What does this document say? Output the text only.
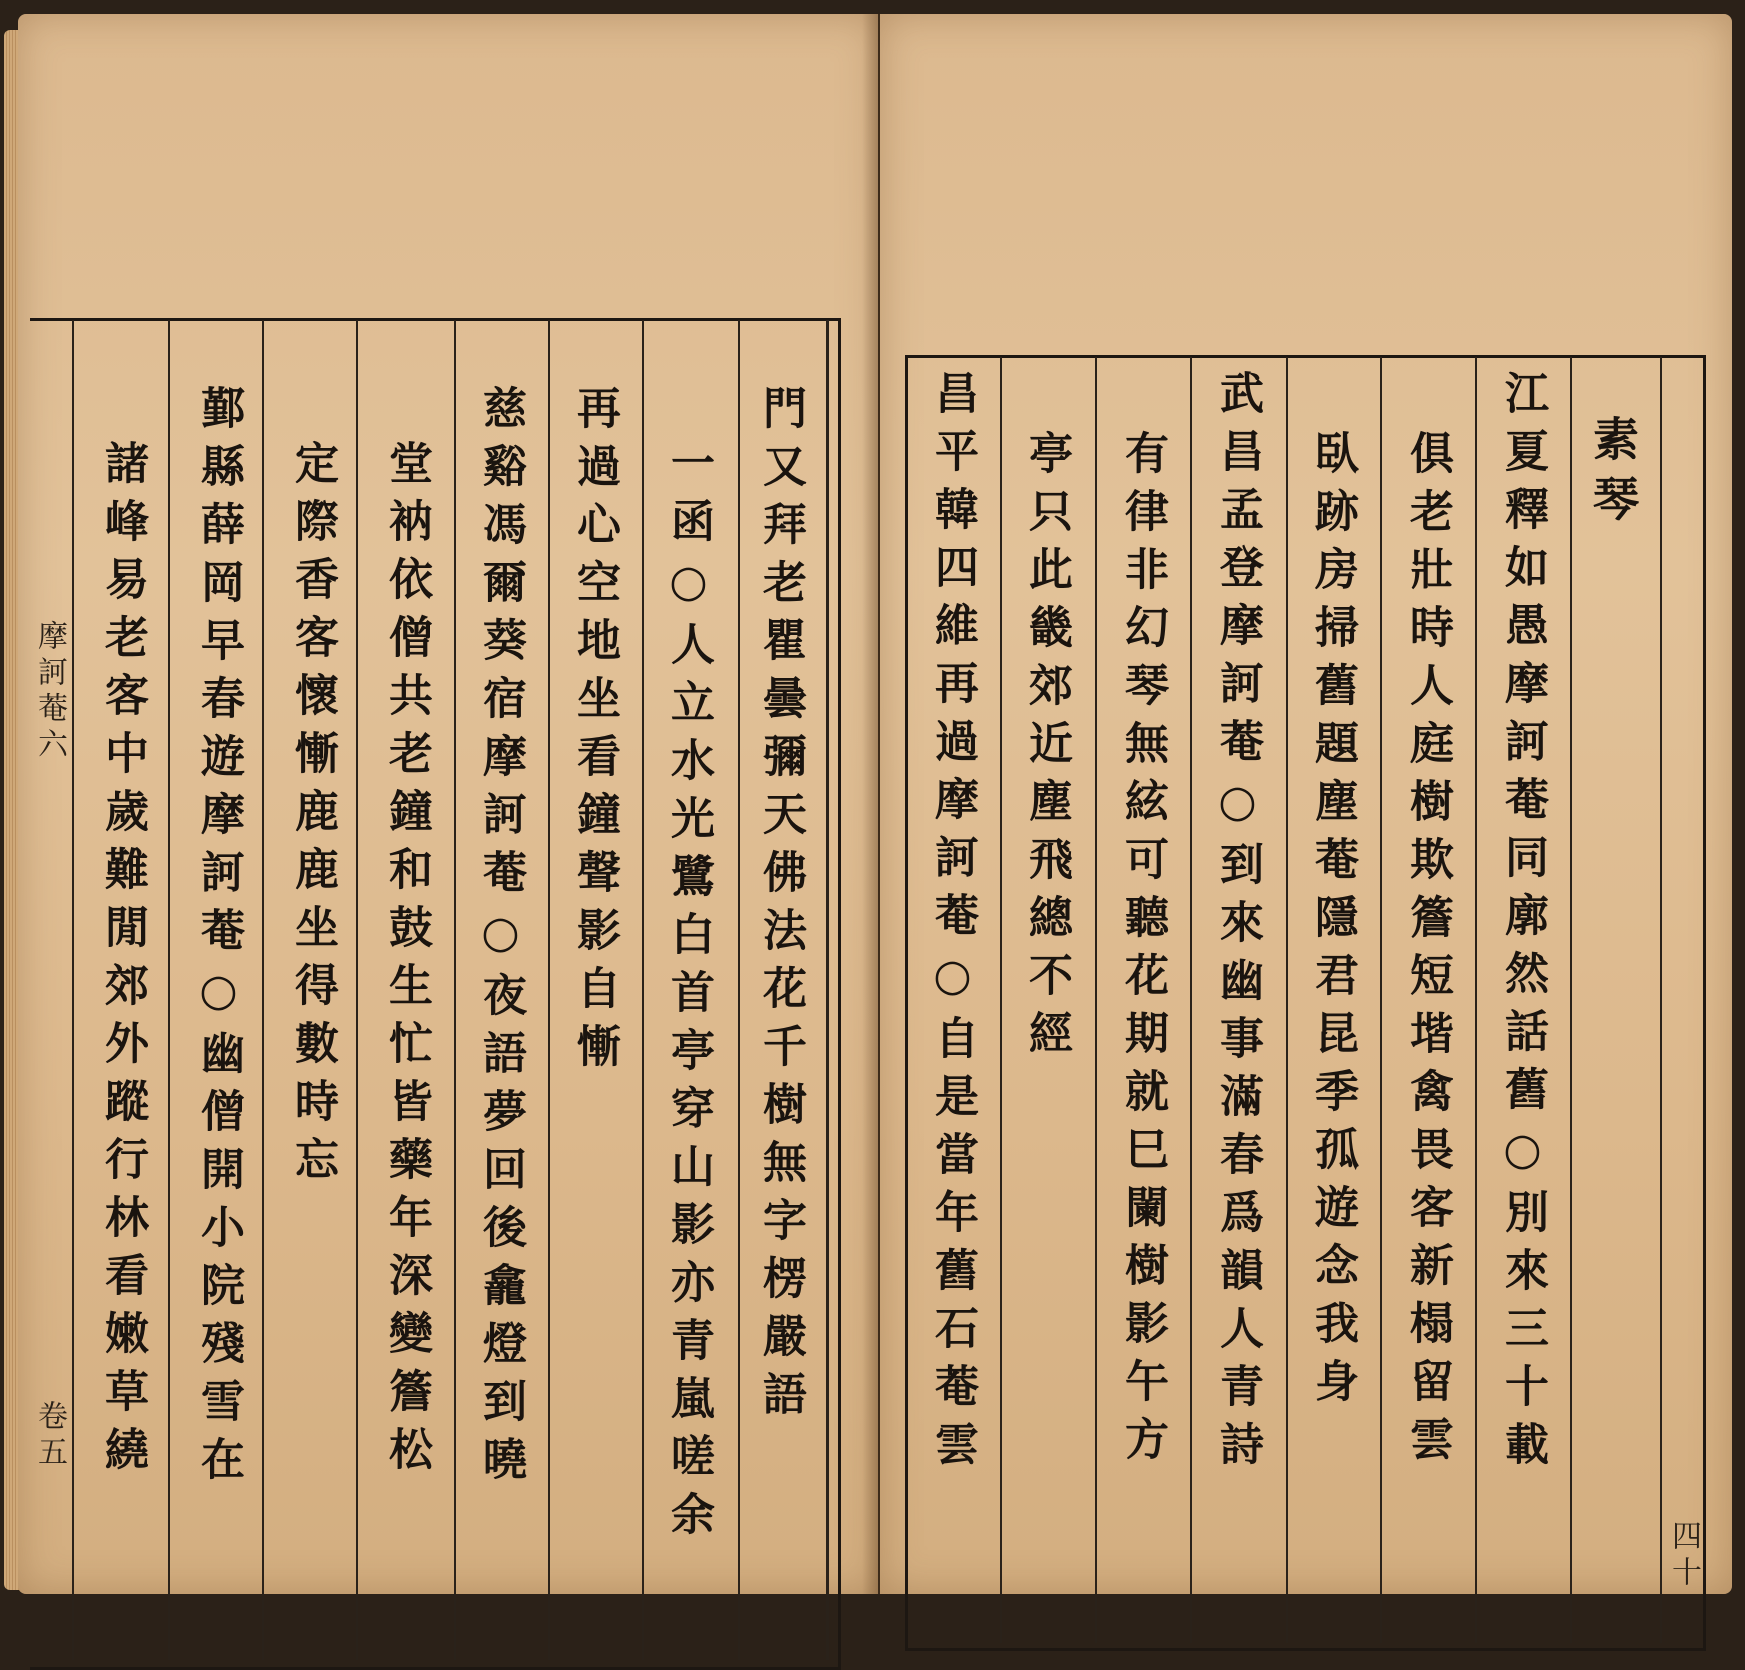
門又拜老瞿曇彌天佛法花千樹無字楞嚴語
一函○人立水光鷺白首亭穿山影亦青嵐嗟余
再過心空地坐看鐘聲影自慚
慈谿馮爾葵宿摩訶菴○夜語夢回後龕燈到曉
堂衲依僧共老鐘和鼓生忙皆藥年深變簷松
定際香客懷慚鹿鹿坐得數時忘
鄞縣薛岡早春遊摩訶菴○幽僧開小院殘雪在
諸峰易老客中歲難閒郊外蹤行林看嫩草繞
摩訶菴六
卷五
素琴
江夏釋如愚摩訶菴同廓然話舊○別來三十載
俱老壯時人庭樹欺簷短堦禽畏客新榻留雲
臥跡房掃舊題塵菴隱君昆季孤遊念我身
武昌孟登摩訶菴○到來幽事滿春爲韻人青詩
有律非幻琴無絃可聽花期就巳闌樹影午方
亭只此畿郊近塵飛總不經
昌平韓四維再過摩訶菴○自是當年舊石菴雲
四十
